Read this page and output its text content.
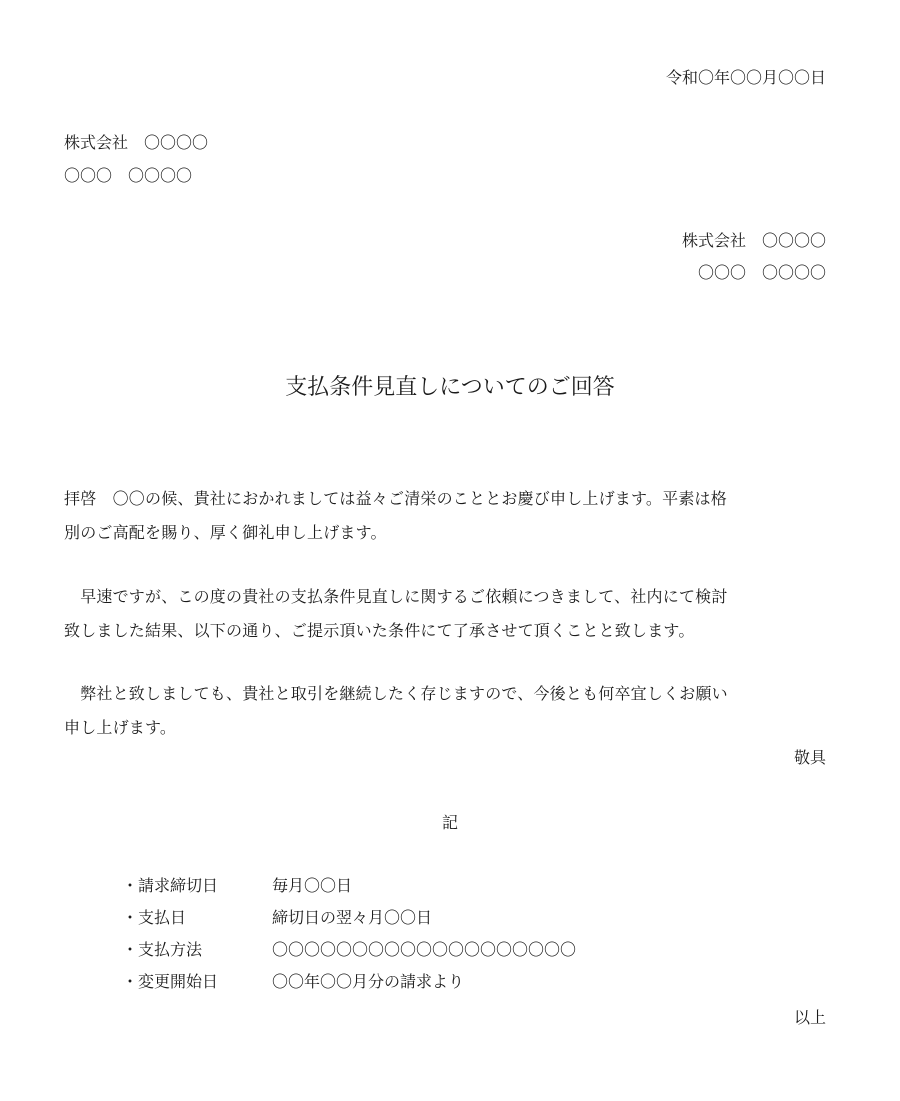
令和〇年〇〇月〇〇日
株式会社　〇〇〇〇
〇〇〇　〇〇〇〇
株式会社　〇〇〇〇
〇〇〇　〇〇〇〇
支払条件見直しについてのご回答
拝啓　〇〇の候、貴社におかれましては益々ご清栄のこととお慶び申し上げます。平素は格
別のご高配を賜り、厚く御礼申し上げます。
　早速ですが、この度の貴社の支払条件見直しに関するご依頼につきまして、社内にて検討
致しました結果、以下の通り、ご提示頂いた条件にて了承させて頂くことと致します。
　弊社と致しましても、貴社と取引を継続したく存じますので、今後とも何卒宜しくお願い
申し上げます。
敬具
記
・請求締切日	毎月〇〇日
・支払日	締切日の翌々月〇〇日
・支払方法	〇〇〇〇〇〇〇〇〇〇〇〇〇〇〇〇〇〇〇
・変更開始日	〇〇年〇〇月分の請求より
以上
